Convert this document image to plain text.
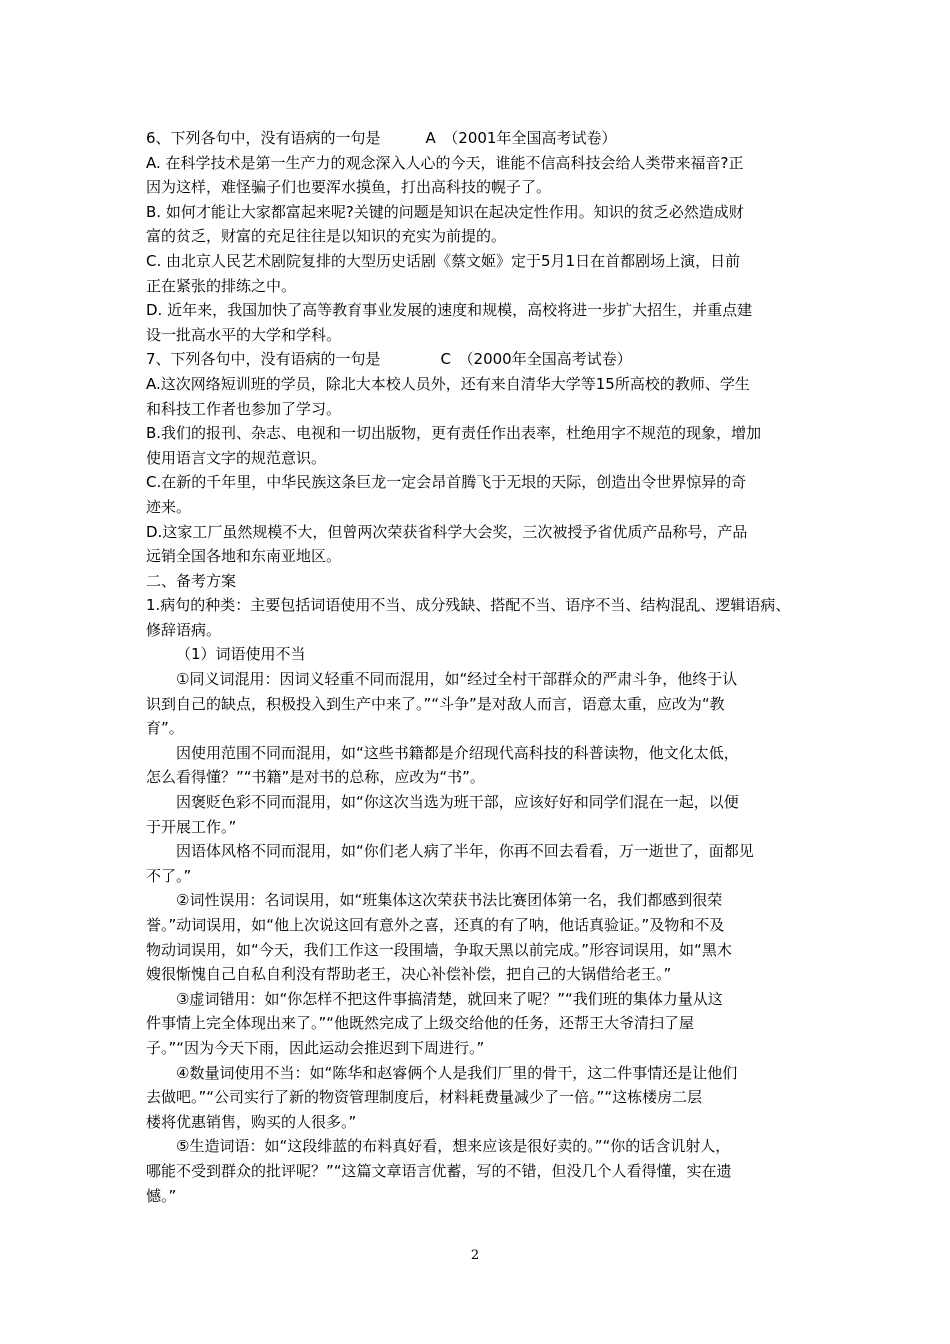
6、下列各句中，没有语病的一句是　　　A　（2001年全国高考试卷）
A. 在科学技术是第一生产力的观念深入人心的今天，谁能不信高科技会给人类带来福音?正
因为这样，难怪骗子们也要浑水摸鱼，打出高科技的幌子了。
B. 如何才能让大家都富起来呢?关键的问题是知识在起决定性作用。知识的贫乏必然造成财
富的贫乏，财富的充足往往是以知识的充实为前提的。
C. 由北京人民艺术剧院复排的大型历史话剧《蔡文姬》定于5月1日在首都剧场上演，日前
正在紧张的排练之中。
D. 近年来，我国加快了高等教育事业发展的速度和规模，高校将进一步扩大招生，并重点建
设一批高水平的大学和学科。
7、下列各句中，没有语病的一句是　　　　C　（2000年全国高考试卷）
A.这次网络短训班的学员，除北大本校人员外，还有来自清华大学等15所高校的教师、学生
和科技工作者也参加了学习。
B.我们的报刊、杂志、电视和一切出版物，更有责任作出表率，杜绝用字不规范的现象，增加
使用语言文字的规范意识。
C.在新的千年里，中华民族这条巨龙一定会昂首腾飞于无垠的天际，创造出令世界惊异的奇
迹来。
D.这家工厂虽然规模不大，但曾两次荣获省科学大会奖，三次被授予省优质产品称号，产品
远销全国各地和东南亚地区。
二、备考方案
1.病句的种类：主要包括词语使用不当、成分残缺、搭配不当、语序不当、结构混乱、逻辑语病、
修辞语病。
（1）词语使用不当
①同义词混用：因词义轻重不同而混用，如“经过全村干部群众的严肃斗争，他终于认
识到自己的缺点，积极投入到生产中来了。”“斗争”是对敌人而言，语意太重，应改为“教
育”。
因使用范围不同而混用，如“这些书籍都是介绍现代高科技的科普读物，他文化太低，
怎么看得懂？”“书籍”是对书的总称，应改为“书”。
因褒贬色彩不同而混用，如“你这次当选为班干部，应该好好和同学们混在一起，以便
于开展工作。”
因语体风格不同而混用，如“你们老人病了半年，你再不回去看看，万一逝世了，面都见
不了。”
②词性误用：名词误用，如“班集体这次荣获书法比赛团体第一名，我们都感到很荣
誉。”动词误用，如“他上次说这回有意外之喜，还真的有了呐，他话真验证。”及物和不及
物动词误用，如“今天，我们工作这一段围墙，争取天黑以前完成。”形容词误用，如“黑木
嫂很惭愧自己自私自利没有帮助老王，决心补偿补偿，把自己的大锅借给老王。”
③虚词错用：如“你怎样不把这件事搞清楚，就回来了呢？”“我们班的集体力量从这
件事情上完全体现出来了。”“他既然完成了上级交给他的任务，还帮王大爷清扫了屋
子。”“因为今天下雨，因此运动会推迟到下周进行。”
④数量词使用不当：如“陈华和赵睿俩个人是我们厂里的骨干，这二件事情还是让他们
去做吧。”“公司实行了新的物资管理制度后，材料耗费量减少了一倍。”“这栋楼房二层
楼将优惠销售，购买的人很多。”
⑤生造词语：如“这段绯蓝的布料真好看，想来应该是很好卖的。”“你的话含讥射人，
哪能不受到群众的批评呢？”“这篇文章语言优蓄，写的不错，但没几个人看得懂，实在遗
憾。”
2
